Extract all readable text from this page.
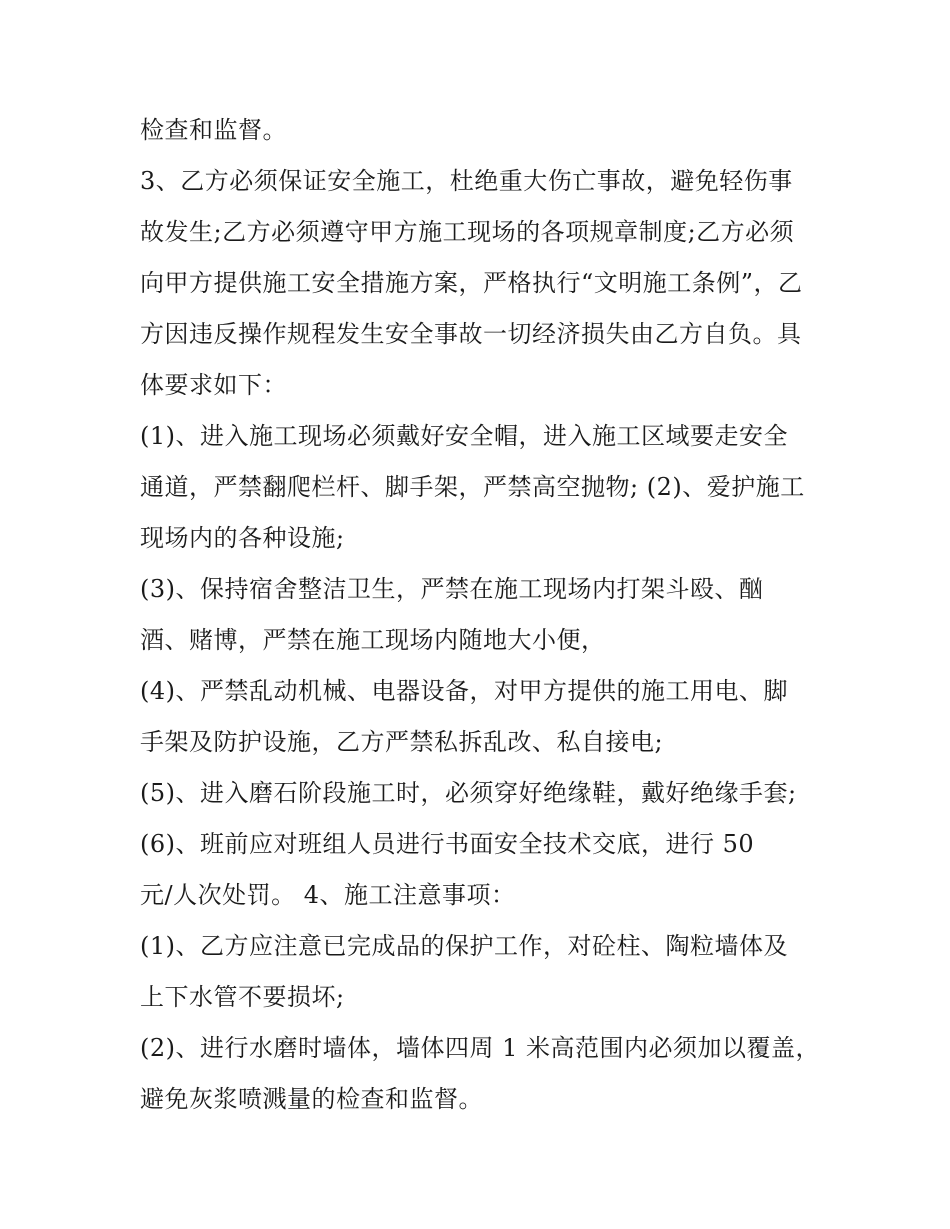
检查和监督。
3、乙方必须保证安全施工，杜绝重大伤亡事故，避免轻伤事
故发生;乙方必须遵守甲方施工现场的各项规章制度;乙方必须
向甲方提供施工安全措施方案，严格执行“文明施工条例”，乙
方因违反操作规程发生安全事故一切经济损失由乙方自负。具
体要求如下：
(1)、进入施工现场必须戴好安全帽，进入施工区域要走安全
通道，严禁翻爬栏杆、脚手架，严禁高空抛物; (2)、爱护施工
现场内的各种设施;
(3)、保持宿舍整洁卫生，严禁在施工现场内打架斗殴、酗
酒、赌博，严禁在施工现场内随地大小便，
(4)、严禁乱动机械、电器设备，对甲方提供的施工用电、脚
手架及防护设施，乙方严禁私拆乱改、私自接电;
(5)、进入磨石阶段施工时，必须穿好绝缘鞋，戴好绝缘手套;
(6)、班前应对班组人员进行书面安全技术交底，进行 50
元/人次处罚。 4、施工注意事项：
(1)、乙方应注意已完成品的保护工作，对砼柱、陶粒墙体及
上下水管不要损坏;
(2)、进行水磨时墙体，墙体四周 1 米高范围内必须加以覆盖，
避免灰浆喷溅量的检查和监督。
